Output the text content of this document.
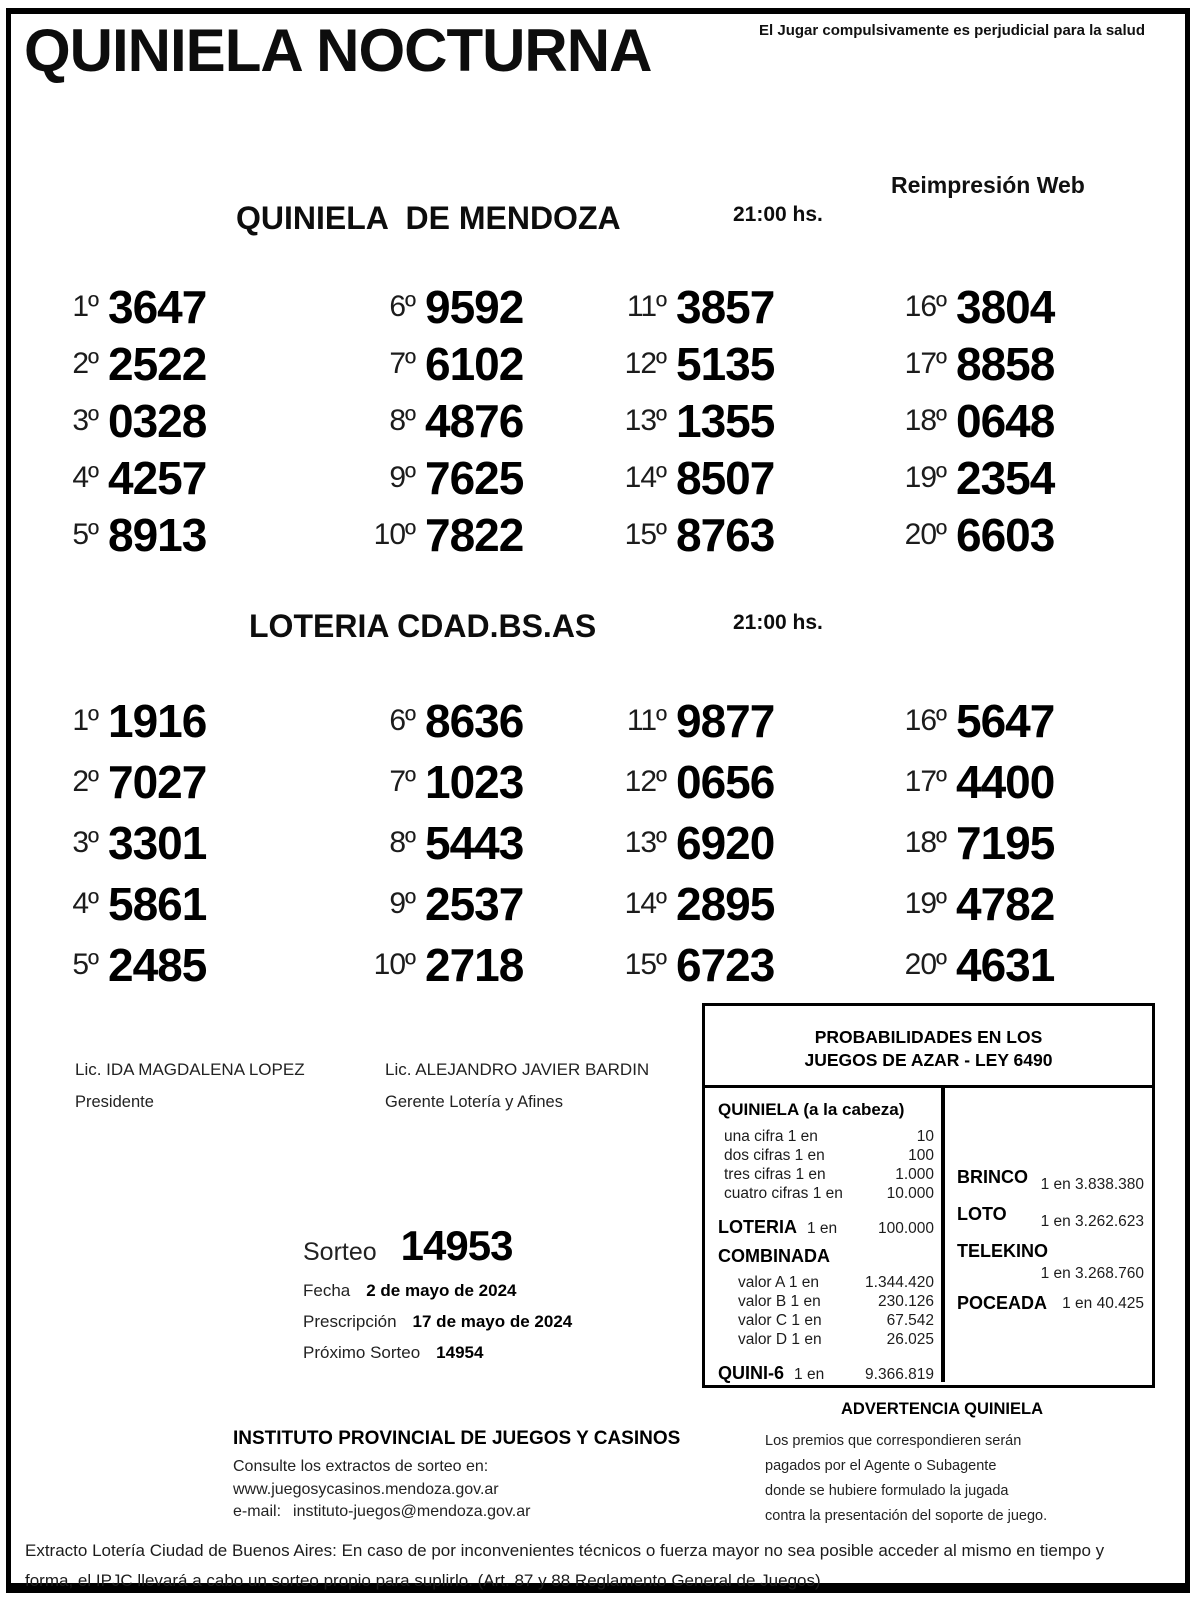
QUINIELA NOCTURNA	El Jugar compulsivamente es perjudicial para la salud
Reimpresión Web
QUINIELA  DE MENDOZA	21:00 hs.
1º 3647
2º 2522
3º 0328
4º 4257
5º 8913
6º 9592
7º 6102
8º 4876
9º 7625
10º 7822
11º 3857
12º 5135
13º 1355
14º 8507
15º 8763
16º 3804
17º 8858
18º 0648
19º 2354
20º 6603
LOTERIA CDAD.BS.AS	21:00 hs.
1º 1916
2º 7027
3º 3301
4º 5861
5º 2485
6º 8636
7º 1023
8º 5443
9º 2537
10º 2718
11º 9877
12º 0656
13º 6920
14º 2895
15º 6723
16º 5647
17º 4400
18º 7195
19º 4782
20º 4631
Lic. IDA MAGDALENA LOPEZ
Presidente
Lic. ALEJANDRO JAVIER BARDIN
Gerente Lotería y Afines
Sorteo 14953
Fecha 2 de mayo de 2024
Prescripción 17 de mayo de 2024
Próximo Sorteo 14954
PROBABILIDADES EN LOS
JUEGOS DE AZAR - LEY 6490
QUINIELA (a la cabeza)
una cifra 1 en	10
dos cifras 1 en	100
tres cifras 1 en	1.000
cuatro cifras 1 en	10.000
LOTERIA 1 en	100.000
COMBINADA
valor A 1 en	1.344.420
valor B 1 en	230.126
valor C 1 en	67.542
valor D 1 en	26.025
QUINI-6 1 en	9.366.819
BRINCO 1 en 3.838.380
LOTO 1 en 3.262.623
TELEKINO
1 en 3.268.760
POCEADA 1 en 40.425
ADVERTENCIA QUINIELA
Los premios que correspondieren serán
pagados por el Agente o Subagente
donde se hubiere formulado la jugada
contra la presentación del soporte de juego.
INSTITUTO PROVINCIAL DE JUEGOS Y CASINOS
Consulte los extractos de sorteo en:
www.juegosycasinos.mendoza.gov.ar
e-mail: instituto-juegos@mendoza.gov.ar
Extracto Lotería Ciudad de Buenos Aires: En caso de por inconvenientes técnicos o fuerza mayor no sea posible acceder al mismo en tiempo y
forma, el IPJC llevará a cabo un sorteo propio para suplirlo. (Art. 87 y 88 Reglamento General de Juegos)
